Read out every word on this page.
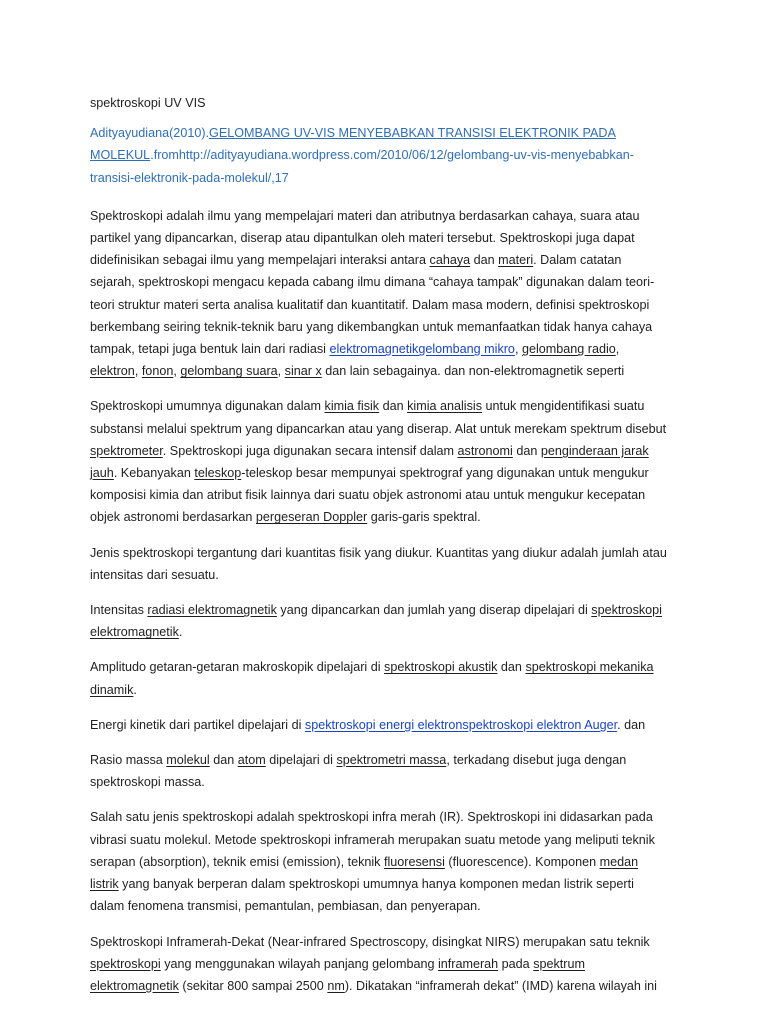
spektroskopi UV VIS
Adityayudiana(2010).GELOMBANG UV-VIS MENYEBABKAN TRANSISI ELEKTRONIK PADA MOLEKUL.fromhttp://adityayudiana.wordpress.com/2010/06/12/gelombang-uv-vis-menyebabkan-transisi-elektronik-pada-molekul/,17

Spektroskopi adalah ilmu yang mempelajari materi dan atributnya berdasarkan cahaya, suara atau partikel yang dipancarkan, diserap atau dipantulkan oleh materi tersebut. Spektroskopi juga dapat didefinisikan sebagai ilmu yang mempelajari interaksi antara cahaya dan materi. Dalam catatan sejarah, spektroskopi mengacu kepada cabang ilmu dimana “cahaya tampak” digunakan dalam teori-teori struktur materi serta analisa kualitatif dan kuantitatif. Dalam masa modern, definisi spektroskopi berkembang seiring teknik-teknik baru yang dikembangkan untuk memanfaatkan tidak hanya cahaya tampak, tetapi juga bentuk lain dari radiasi elektromagnetikgelombang mikro, gelombang radio, elektron, fonon, gelombang suara, sinar x dan lain sebagainya. dan non-elektromagnetik seperti

Spektroskopi umumnya digunakan dalam kimia fisik dan kimia analisis untuk mengidentifikasi suatu substansi melalui spektrum yang dipancarkan atau yang diserap. Alat untuk merekam spektrum disebut spektrometer. Spektroskopi juga digunakan secara intensif dalam astronomi dan penginderaan jarak jauh. Kebanyakan teleskop-teleskop besar mempunyai spektrograf yang digunakan untuk mengukur komposisi kimia dan atribut fisik lainnya dari suatu objek astronomi atau untuk mengukur kecepatan objek astronomi berdasarkan pergeseran Doppler garis-garis spektral.

Jenis spektroskopi tergantung dari kuantitas fisik yang diukur. Kuantitas yang diukur adalah jumlah atau intensitas dari sesuatu.

Intensitas radiasi elektromagnetik yang dipancarkan dan jumlah yang diserap dipelajari di spektroskopi elektromagnetik.

Amplitudo getaran-getaran makroskopik dipelajari di spektroskopi akustik dan spektroskopi mekanika dinamik.

Energi kinetik dari partikel dipelajari di spektroskopi energi elektronspektroskopi elektron Auger. dan

Rasio massa molekul dan atom dipelajari di spektrometri massa, terkadang disebut juga dengan spektroskopi massa.

Salah satu jenis spektroskopi adalah spektroskopi infra merah (IR). Spektroskopi ini didasarkan pada vibrasi suatu molekul. Metode spektroskopi inframerah merupakan suatu metode yang meliputi teknik serapan (absorption), teknik emisi (emission), teknik fluoresensi (fluorescence). Komponen medan listrik yang banyak berperan dalam spektroskopi umumnya hanya komponen medan listrik seperti dalam fenomena transmisi, pemantulan, pembiasan, dan penyerapan.

Spektroskopi Inframerah-Dekat (Near-infrared Spectroscopy, disingkat NIRS) merupakan satu teknik spektroskopi yang menggunakan wilayah panjang gelombang inframerah pada spektrum elektromagnetik (sekitar 800 sampai 2500 nm). Dikatakan “inframerah dekat” (IMD) karena wilayah ini
